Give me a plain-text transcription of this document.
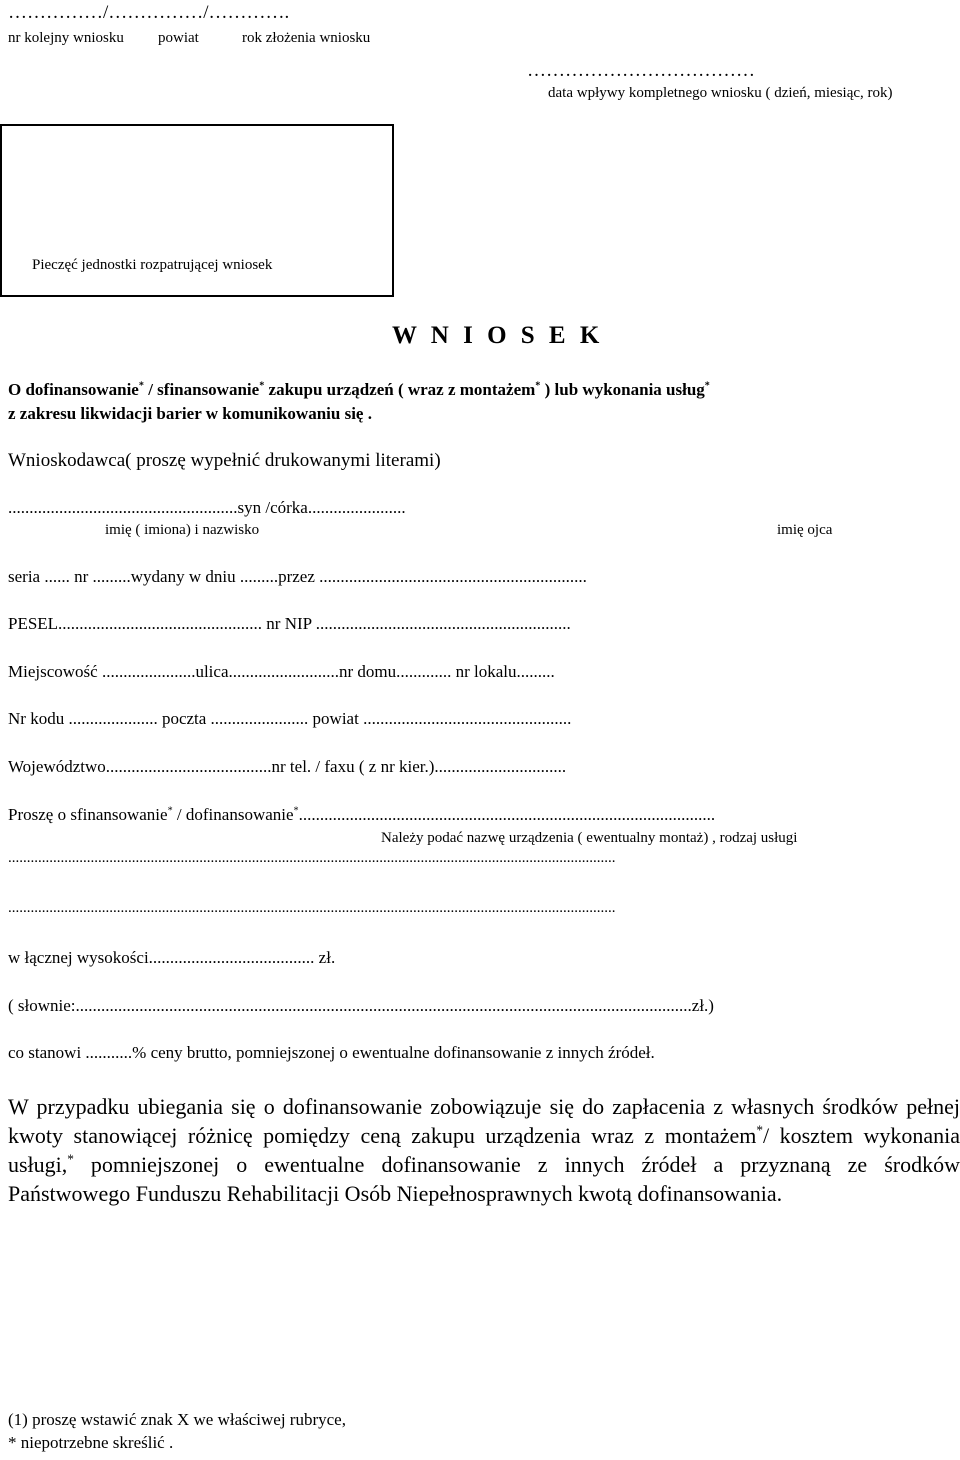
……………/……………/………….
nr kolejny wniosku powiat	rok złożenia wniosku
………………………………
data wpływy kompletnego wniosku ( dzień, miesiąc, rok)
Pieczęć jednostki rozpatrującej wniosek
W N I O S E K
O dofinansowanie* / sfinansowanie* zakupu urządzeń ( wraz z montażem* ) lub wykonania usług*
z zakresu likwidacji barier w komunikowaniu się .
Wnioskodawca( proszę wypełnić drukowanymi literami)
......................................................syn /córka.......................
imię ( imiona) i nazwisko	imię ojca
seria ...... nr .........wydany w dniu .........przez ...............................................................
PESEL................................................ nr NIP ............................................................
Miejscowość ......................ulica..........................nr domu............. nr lokalu.........
Nr kodu ..................... poczta ....................... powiat .................................................
Województwo.......................................nr tel. / faxu ( z nr kier.)...............................
Proszę o sfinansowanie* / dofinansowanie*..................................................................................................
Należy podać nazwę urządzenia ( ewentualny montaż) , rodzaj usługi
..................................................................................................................................................................
..................................................................................................................................................................
w łącznej wysokości....................................... zł.
( słownie:.................................................................................................................................................zł.)
co stanowi ...........% ceny brutto, pomniejszonej o ewentualne dofinansowanie z innych źródeł.
W przypadku ubiegania się o dofinansowanie zobowiązuje się do zapłacenia z własnych środków pełnej kwoty stanowiącej różnicę pomiędzy ceną zakupu urządzenia wraz z montażem*/ kosztem wykonania usługi,* pomniejszonej o ewentualne dofinansowanie z innych źródeł a przyznaną ze środków Państwowego Funduszu Rehabilitacji Osób Niepełnosprawnych kwotą dofinansowania.
(1) proszę wstawić znak X we właściwej rubryce,
* niepotrzebne skreślić .
